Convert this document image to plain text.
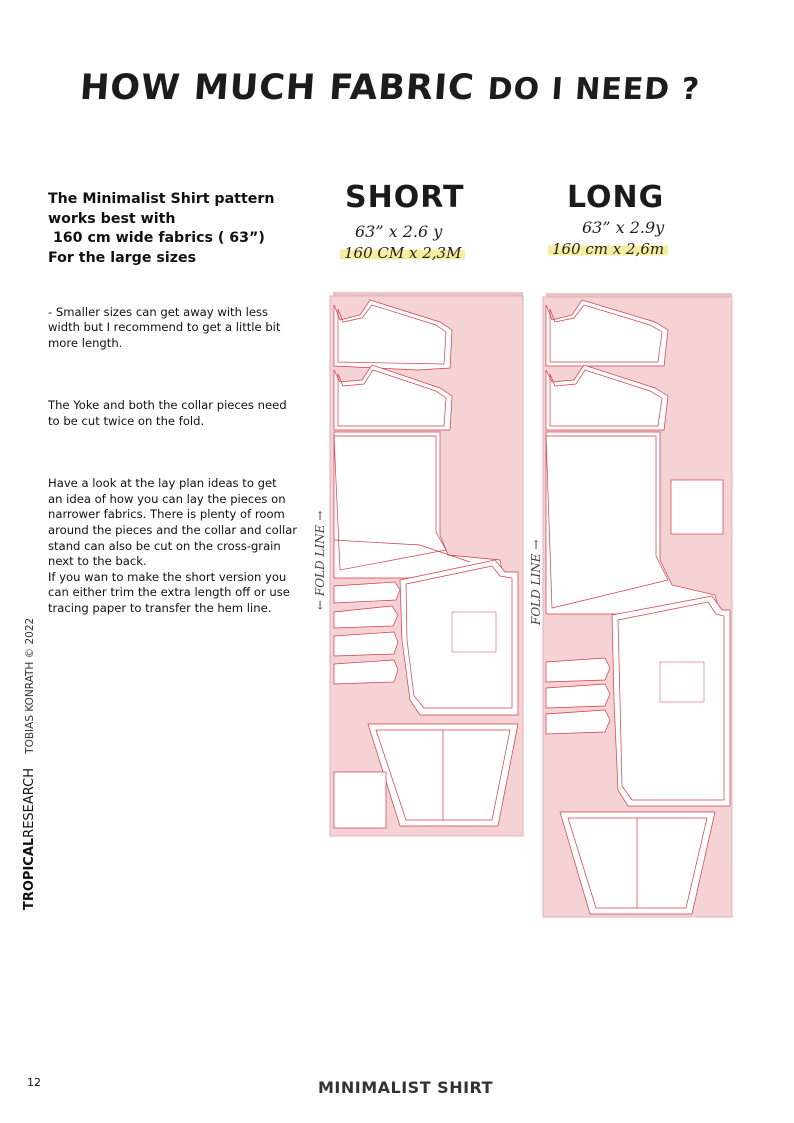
HOW MUCH FABRIC DO I NEED ?
The Minimalist Shirt pattern
works best with
160 cm wide fabrics ( 63”)
For the large sizes

- Smaller sizes can get away with less
width but I recommend to get a little bit
more length.

The Yoke and both the collar pieces need
to be cut twice on the fold.

Have a look at the lay plan ideas to get
an idea of how you can lay the pieces on
narrower fabrics. There is plenty of room
around the pieces and the collar and collar
stand can also be cut on the cross-grain
next to the back.
If you wan to make the short version you
can either trim the extra length off or use
tracing paper to transfer the hem line.

TROPICALRESEARCH TOBIAS KONRATH © 2022
SHORT
63” x 2.6 y
160 CM x 2,3M
LONG
63” x 2.9y
160 cm x 2,6m
← FOLD LINE →	FOLD LINE →
12	MINIMALIST SHIRT
